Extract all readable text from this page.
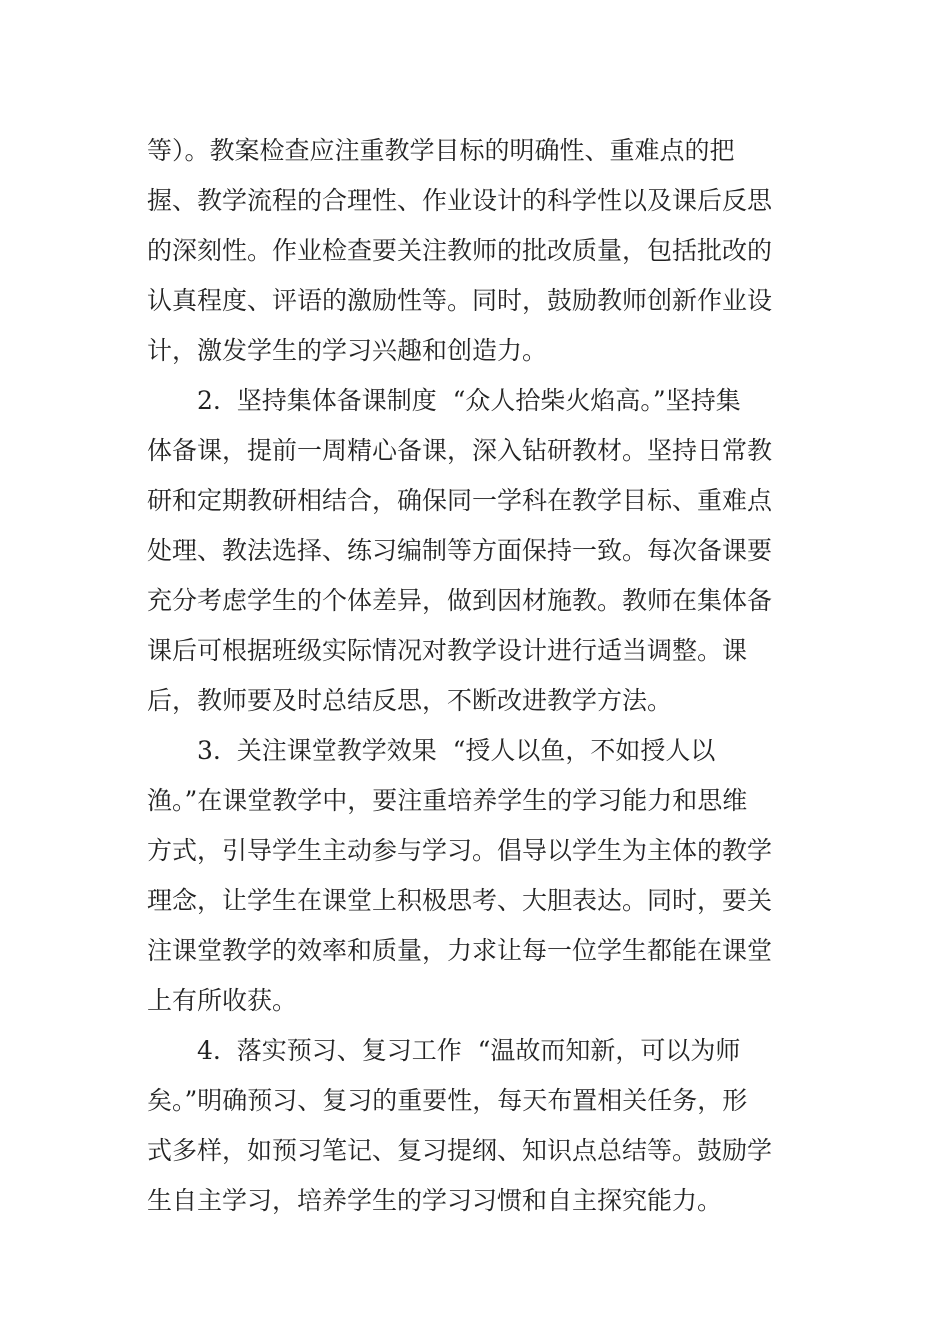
等）。教案检查应注重教学目标的明确性、重难点的把
握、教学流程的合理性、作业设计的科学性以及课后反思
的深刻性。作业检查要关注教师的批改质量，包括批改的
认真程度、评语的激励性等。同时，鼓励教师创新作业设
计，激发学生的学习兴趣和创造力。
2.  坚持集体备课制度  “众人拾柴火焰高。”坚持集
体备课，提前一周精心备课，深入钻研教材。坚持日常教
研和定期教研相结合，确保同一学科在教学目标、重难点
处理、教法选择、练习编制等方面保持一致。每次备课要
充分考虑学生的个体差异，做到因材施教。教师在集体备
课后可根据班级实际情况对教学设计进行适当调整。课
后，教师要及时总结反思，不断改进教学方法。
3.  关注课堂教学效果  “授人以鱼，不如授人以
渔。”在课堂教学中，要注重培养学生的学习能力和思维
方式，引导学生主动参与学习。倡导以学生为主体的教学
理念，让学生在课堂上积极思考、大胆表达。同时，要关
注课堂教学的效率和质量，力求让每一位学生都能在课堂
上有所收获。
4.  落实预习、复习工作  “温故而知新，可以为师
矣。”明确预习、复习的重要性，每天布置相关任务，形
式多样，如预习笔记、复习提纲、知识点总结等。鼓励学
生自主学习，培养学生的学习习惯和自主探究能力。
